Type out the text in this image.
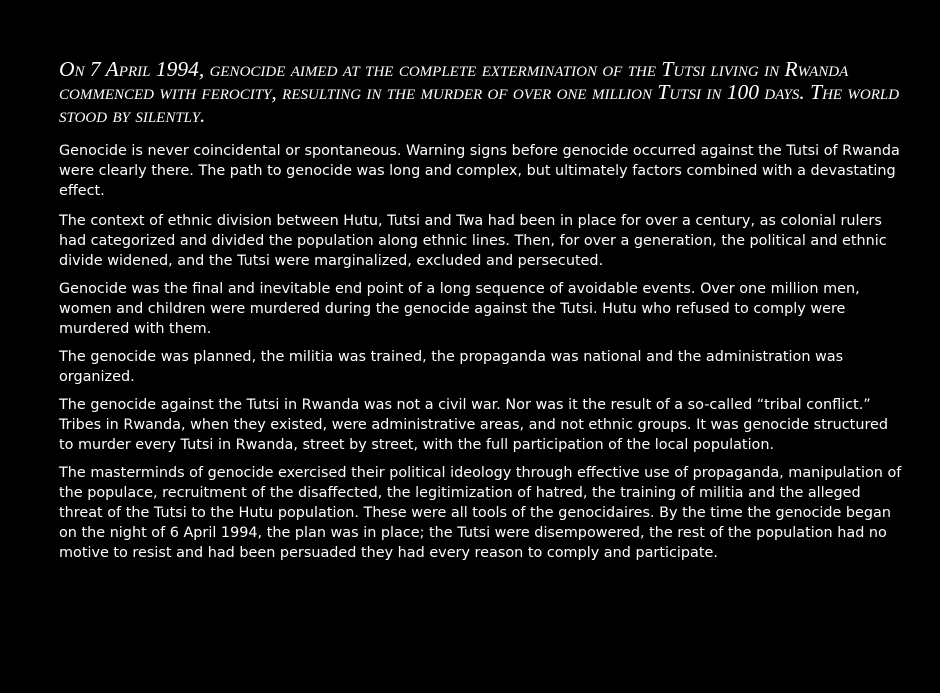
On 7 April 1994, genocide aimed at the complete extermination of the Tutsi living in Rwanda commenced with ferocity, resulting in the murder of over one million Tutsi in 100 days. The world stood by silently.

Genocide is never coincidental or spontaneous. Warning signs before genocide occurred against the Tutsi of Rwanda were clearly there. The path to genocide was long and complex, but ultimately factors combined with a devastating effect.

The context of ethnic division between Hutu, Tutsi and Twa had been in place for over a century, as colonial rulers had categorized and divided the population along ethnic lines. Then, for over a generation, the political and ethnic divide widened, and the Tutsi were marginalized, excluded and persecuted.

Genocide was the final and inevitable end point of a long sequence of avoidable events. Over one million men, women and children were murdered during the genocide against the Tutsi. Hutu who refused to comply were murdered with them.

The genocide was planned, the militia was trained, the propaganda was national and the administration was organized.

The genocide against the Tutsi in Rwanda was not a civil war. Nor was it the result of a so-called “tribal conflict.” Tribes in Rwanda, when they existed, were administrative areas, and not ethnic groups. It was genocide structured to murder every Tutsi in Rwanda, street by street, with the full participation of the local population.

The masterminds of genocide exercised their political ideology through effective use of propaganda, manipulation of the populace, recruitment of the disaffected, the legitimization of hatred, the training of militia and the alleged threat of the Tutsi to the Hutu population. These were all tools of the genocidaires. By the time the genocide began on the night of 6 April 1994, the plan was in place; the Tutsi were disempowered, the rest of the population had no motive to resist and had been persuaded they had every reason to comply and participate.
